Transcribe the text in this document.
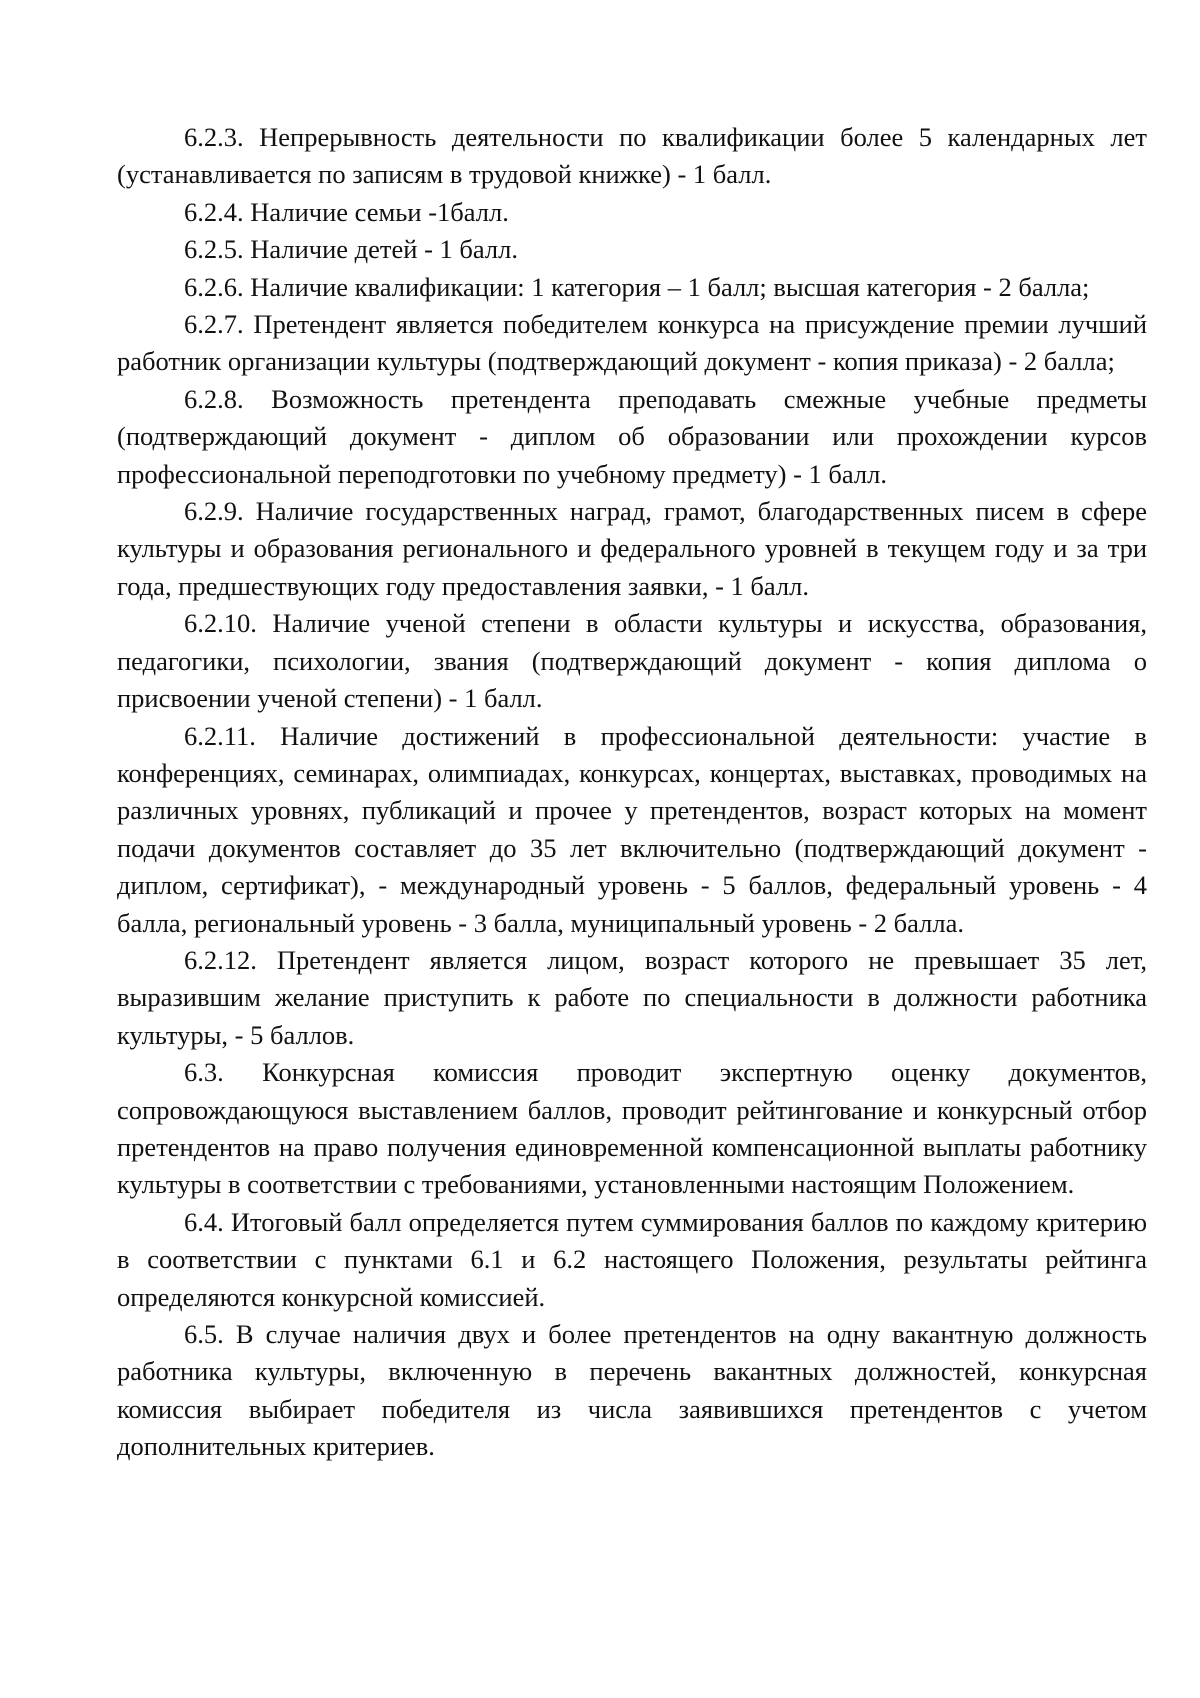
6.2.3. Непрерывность деятельности по квалификации более 5 календарных лет (устанавливается по записям в трудовой книжке) - 1 балл.

6.2.4. Наличие семьи -1балл.

6.2.5. Наличие детей - 1 балл.

6.2.6. Наличие квалификации: 1 категория – 1 балл; высшая категория - 2 балла;

6.2.7. Претендент является победителем конкурса на присуждение премии лучший работник организации культуры (подтверждающий документ - копия приказа) - 2 балла;

6.2.8. Возможность претендента преподавать смежные учебные предметы (подтверждающий документ - диплом об образовании или прохождении курсов профессиональной переподготовки по учебному предмету) - 1 балл.

6.2.9. Наличие государственных наград, грамот, благодарственных писем в сфере культуры и образования регионального и федерального уровней в текущем году и за три года, предшествующих году предоставления заявки, - 1 балл.

6.2.10. Наличие ученой степени в области культуры и искусства, образования, педагогики, психологии, звания (подтверждающий документ - копия диплома о присвоении ученой степени) - 1 балл.

6.2.11. Наличие достижений в профессиональной деятельности: участие в конференциях, семинарах, олимпиадах, конкурсах, концертах, выставках, проводимых на различных уровнях, публикаций и прочее у претендентов, возраст которых на момент подачи документов составляет до 35 лет включительно (подтверждающий документ - диплом, сертификат), - международный уровень - 5 баллов, федеральный уровень - 4 балла, региональный уровень - 3 балла, муниципальный уровень - 2 балла.

6.2.12. Претендент является лицом, возраст которого не превышает 35 лет, выразившим желание приступить к работе по специальности в должности работника культуры, - 5 баллов.

6.3. Конкурсная комиссия проводит экспертную оценку документов, сопровождающуюся выставлением баллов, проводит рейтингование и конкурсный отбор претендентов на право получения единовременной компенсационной выплаты работнику культуры в соответствии с требованиями, установленными настоящим Положением.

6.4. Итоговый балл определяется путем суммирования баллов по каждому критерию в соответствии с пунктами 6.1 и 6.2 настоящего Положения, результаты рейтинга определяются конкурсной комиссией.

6.5. В случае наличия двух и более претендентов на одну вакантную должность работника культуры, включенную в перечень вакантных должностей, конкурсная комиссия выбирает победителя из числа заявившихся претендентов с учетом дополнительных критериев.
